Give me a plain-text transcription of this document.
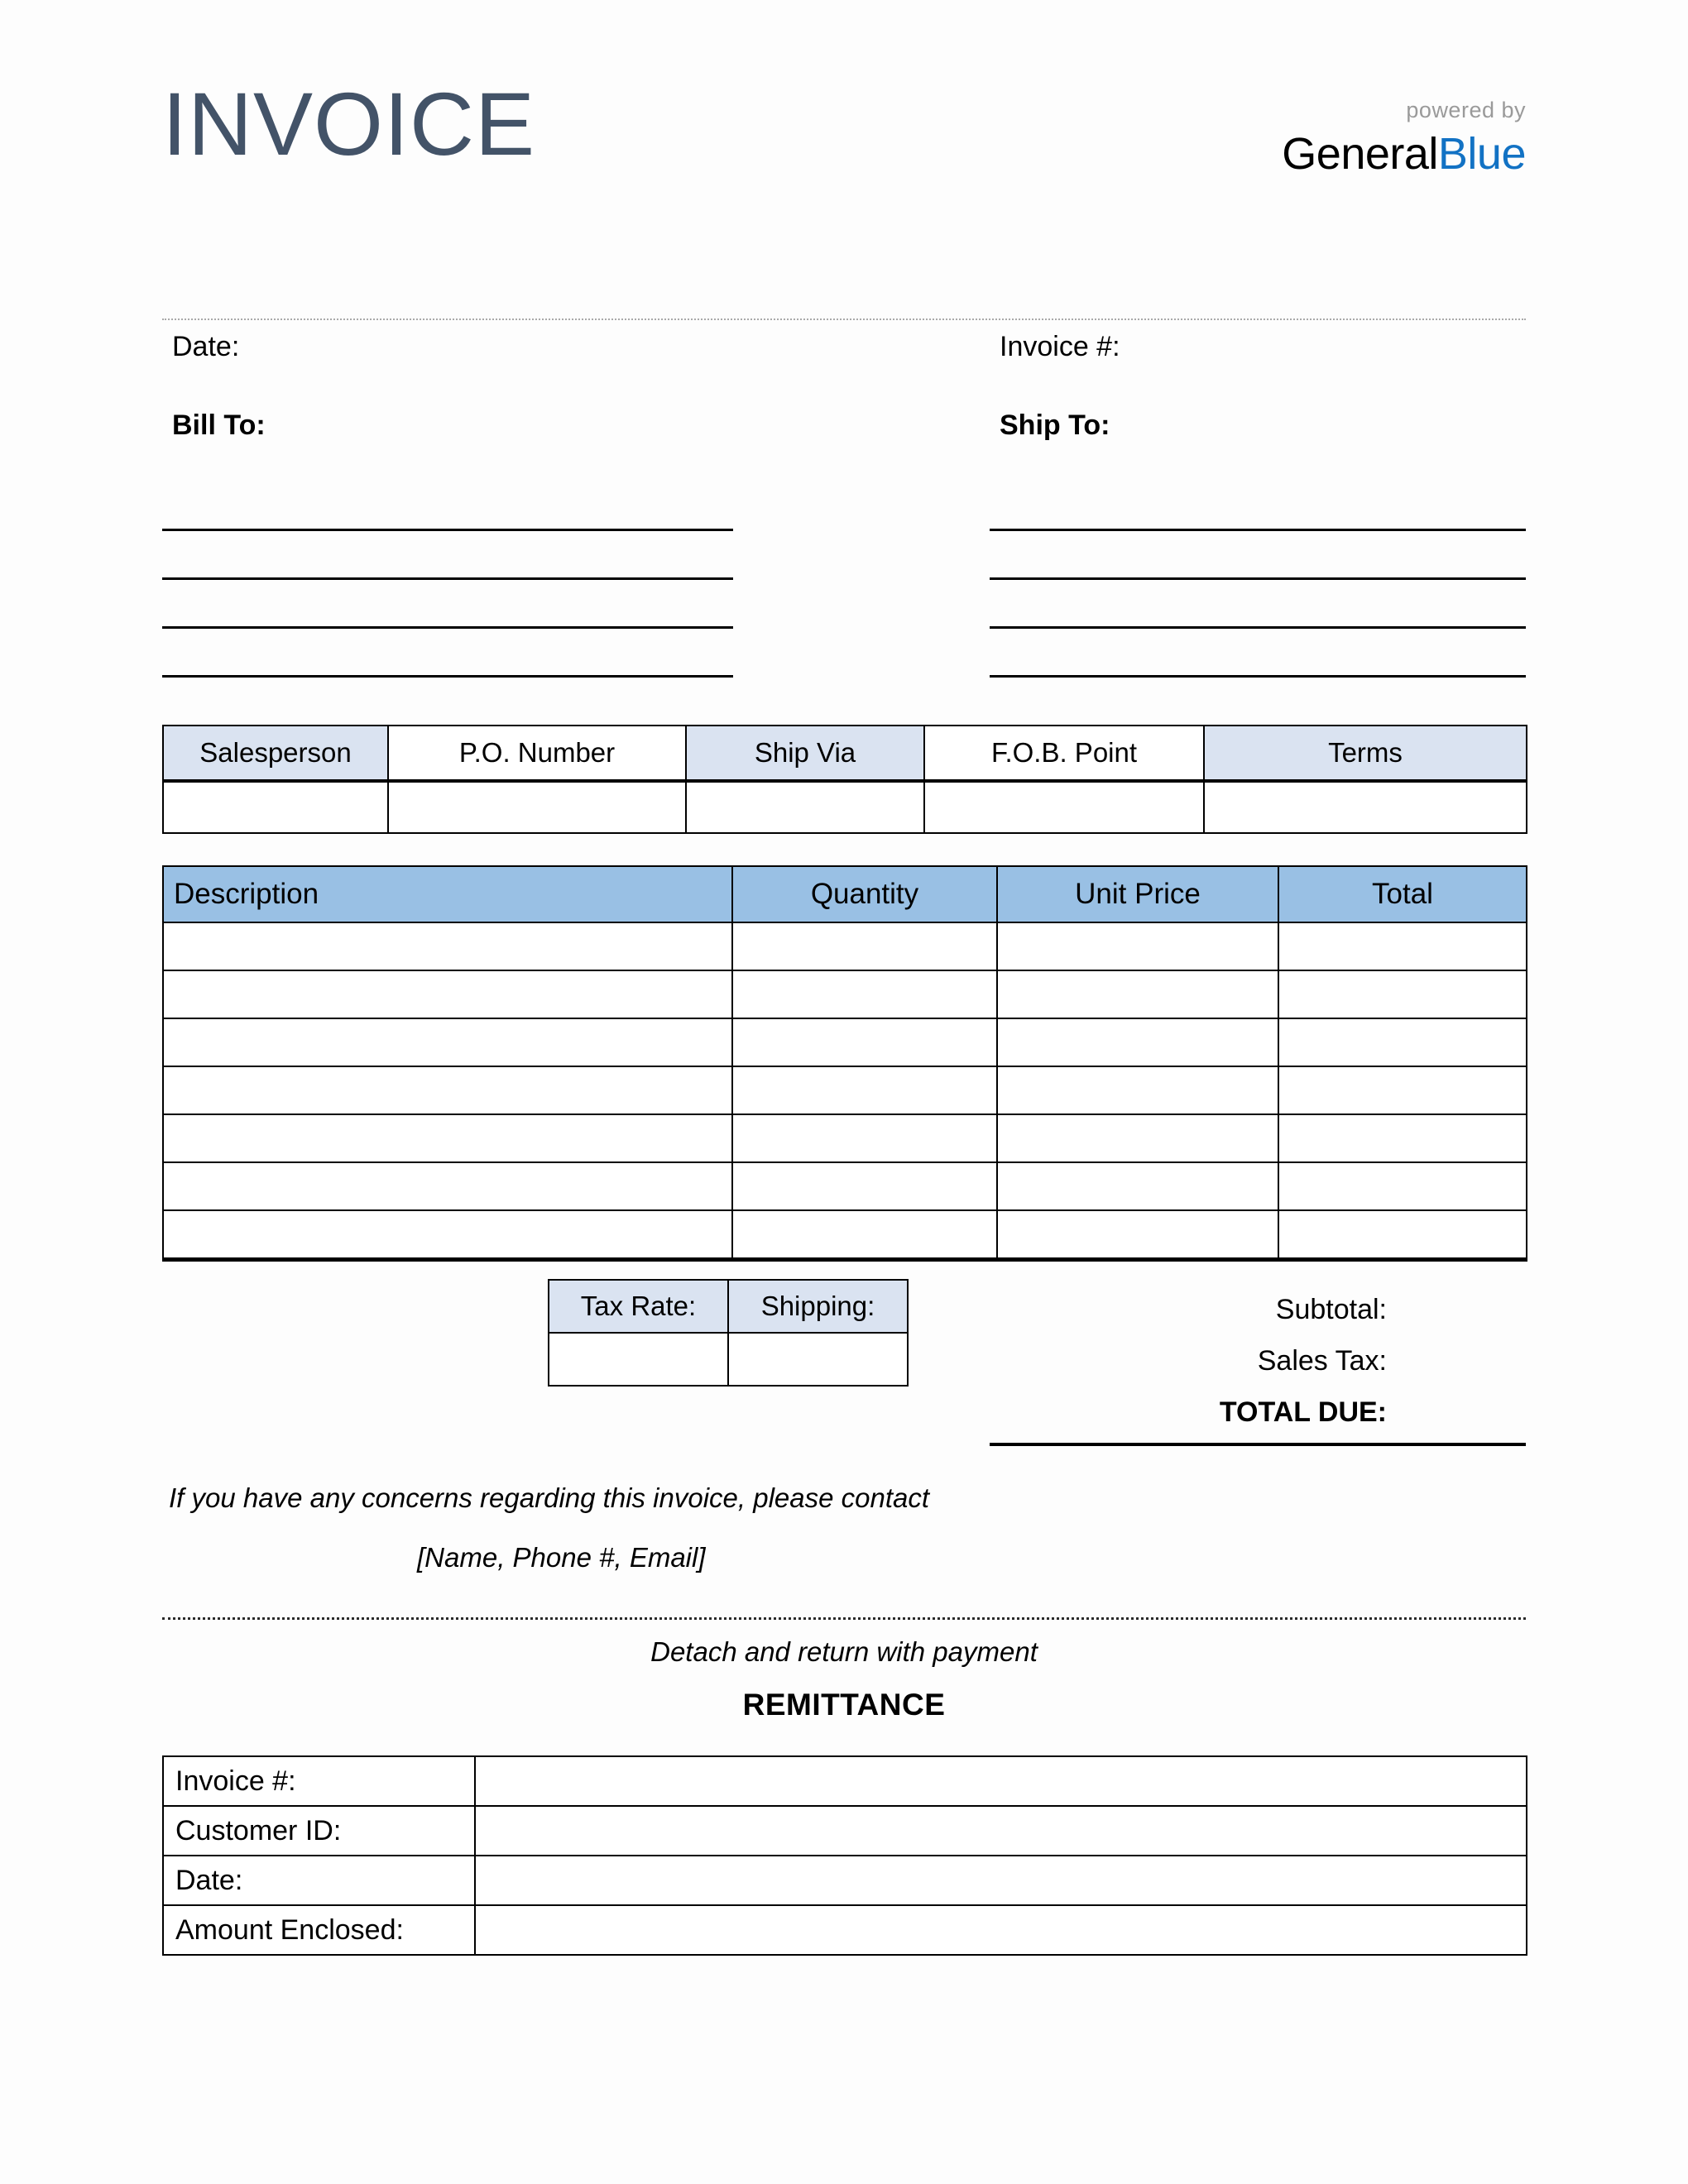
INVOICE	powered by
GeneralBlue
Date:	Invoice #:
Bill To:	Ship To:
Salesperson	P.O. Number	Ship Via	F.O.B. Point	Terms

Description	Quantity	Unit Price	Total

Tax Rate:	Shipping:
		Subtotal:
Sales Tax:
TOTAL DUE:
If you have any concerns regarding this invoice, please contact
[Name, Phone #, Email]
Detach and return with payment
REMITTANCE
Invoice #:	
Customer ID:	
Date:	
Amount Enclosed:	
